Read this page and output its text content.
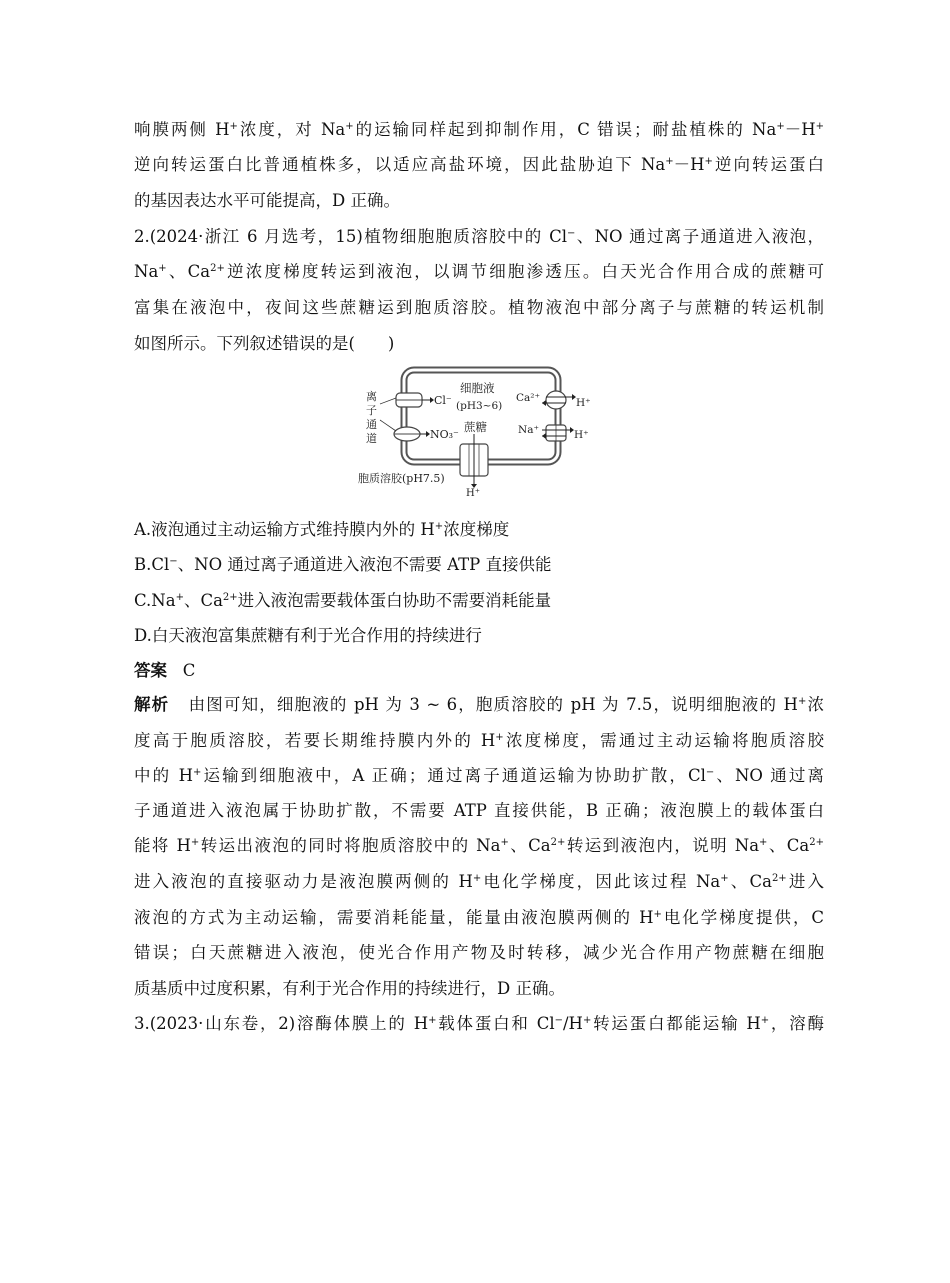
响膜两侧 H+浓度，对 Na+的运输同样起到抑制作用，C 错误；耐盐植株的 Na+－H+
逆向转运蛋白比普通植株多，以适应高盐环境，因此盐胁迫下 Na+－H+逆向转运蛋白
的基因表达水平可能提高，D 正确。
2.(2024·浙江 6 月选考，15)植物细胞胞质溶胶中的 Cl−、NO 通过离子通道进入液泡，
Na+、$Ca^{2+}$逆浓度梯度转运到液泡，以调节细胞渗透压。白天光合作用合成的蔗糖可
富集在液泡中，夜间这些蔗糖运到胞质溶胶。植物液泡中部分离子与蔗糖的转运机制
如图所示。下列叙述错误的是(　　)
Cl⁻
NO₃⁻
离
子
通
道
细胞液
(pH3~6)
蔗糖
H⁺
Ca²⁺	H⁺
Na⁺	H⁺
胞质溶胶(pH7.5)
A.液泡通过主动运输方式维持膜内外的 H+浓度梯度
B.Cl−、NO 通过离子通道进入液泡不需要 ATP 直接供能
C.Na+、$Ca^{2+}$进入液泡需要载体蛋白协助不需要消耗能量
D.白天液泡富集蔗糖有利于光合作用的持续进行
答案 C
解析 由图可知，细胞液的 pH 为 3 ~ 6，胞质溶胶的 pH 为 7.5，说明细胞液的 H+浓
度高于胞质溶胶，若要长期维持膜内外的 H+浓度梯度，需通过主动运输将胞质溶胶
中的 H+运输到细胞液中，A 正确；通过离子通道运输为协助扩散，Cl−、NO 通过离
子通道进入液泡属于协助扩散，不需要 ATP 直接供能，B 正确；液泡膜上的载体蛋白
能将 H+转运出液泡的同时将胞质溶胶中的 Na+、$Ca^{2+}$转运到液泡内，说明 Na+、$Ca^{2+}$
进入液泡的直接驱动力是液泡膜两侧的 H+电化学梯度，因此该过程 Na+、$Ca^{2+}$进入
液泡的方式为主动运输，需要消耗能量，能量由液泡膜两侧的 H+电化学梯度提供，C
错误；白天蔗糖进入液泡，使光合作用产物及时转移，减少光合作用产物蔗糖在细胞
质基质中过度积累，有利于光合作用的持续进行，D 正确。
3.(2023·山东卷，2)溶酶体膜上的 H+载体蛋白和 Cl−/H+转运蛋白都能运输 H+，溶酶
